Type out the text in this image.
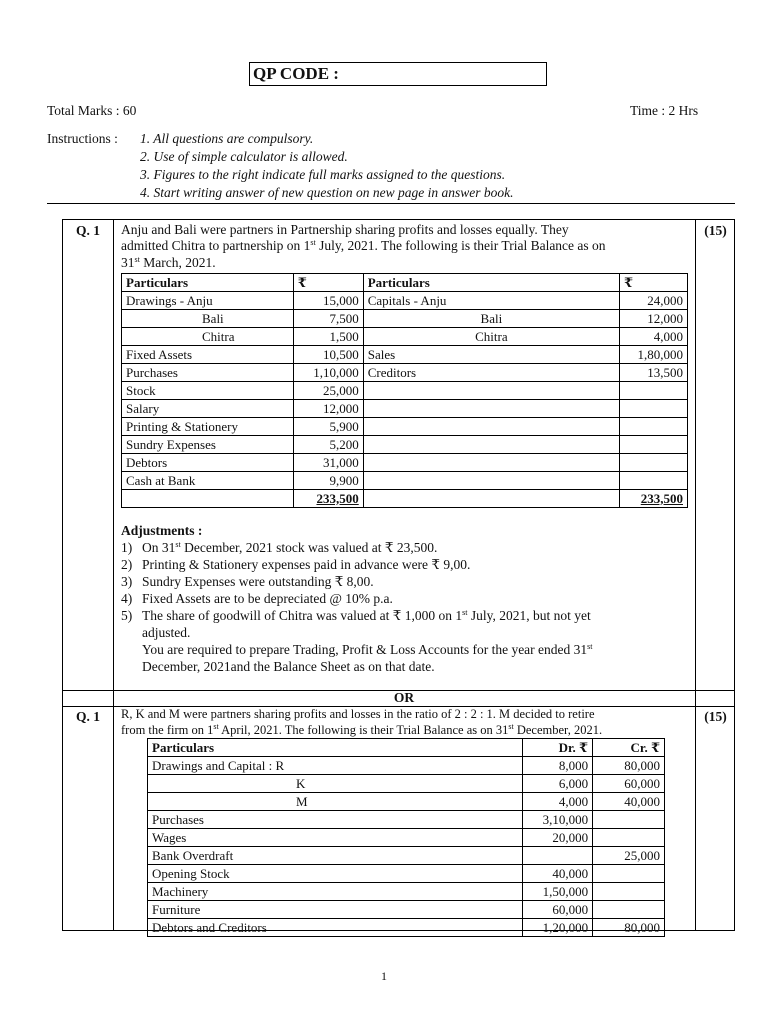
QP CODE :
Total Marks : 60	Time : 2 Hrs
Instructions : 1. All questions are compulsory.
2. Use of simple calculator is allowed.
3. Figures to the right indicate full marks assigned to the questions.
4. Start writing answer of new question on new page in answer book.
Q. 1	(15)
Anju and Bali were partners in Partnership sharing profits and losses equally. They
admitted Chitra to partnership on 1st July, 2021. The following is their Trial Balance as on
31st March, 2021.
Particulars	₹	Particulars	₹
Drawings - Anju	15,000	Capitals - Anju	24,000
Bali	7,500	Bali	12,000
Chitra	1,500	Chitra	4,000
Fixed Assets	10,500	Sales	1,80,000
Purchases	1,10,000	Creditors	13,500
Stock	25,000		
Salary	12,000		
Printing & Stationery	5,900		
Sundry Expenses	5,200		
Debtors	31,000		
Cash at Bank	9,900		
	233,500		233,500
Adjustments :
1) On 31st December, 2021 stock was valued at ₹ 23,500.
2) Printing & Stationery expenses paid in advance were ₹ 9,00.
3) Sundry Expenses were outstanding ₹ 8,00.
4) Fixed Assets are to be depreciated @ 10% p.a.
5) The share of goodwill of Chitra was valued at ₹ 1,000 on 1st July, 2021, but not yet
adjusted.
You are required to prepare Trading, Profit & Loss Accounts for the year ended 31st
December, 2021and the Balance Sheet as on that date.
OR
Q. 1	(15)
R, K and M were partners sharing profits and losses in the ratio of 2 : 2 : 1. M decided to retire
from the firm on 1st April, 2021. The following is their Trial Balance as on 31st December, 2021.
Particulars	Dr. ₹	Cr. ₹
Drawings and Capital : R	8,000	80,000
K	6,000	60,000
M	4,000	40,000
Purchases	3,10,000	
Wages	20,000	
Bank Overdraft		25,000
Opening Stock	40,000	
Machinery	1,50,000	
Furniture	60,000	
Debtors and Creditors	1,20,000	80,000
1
